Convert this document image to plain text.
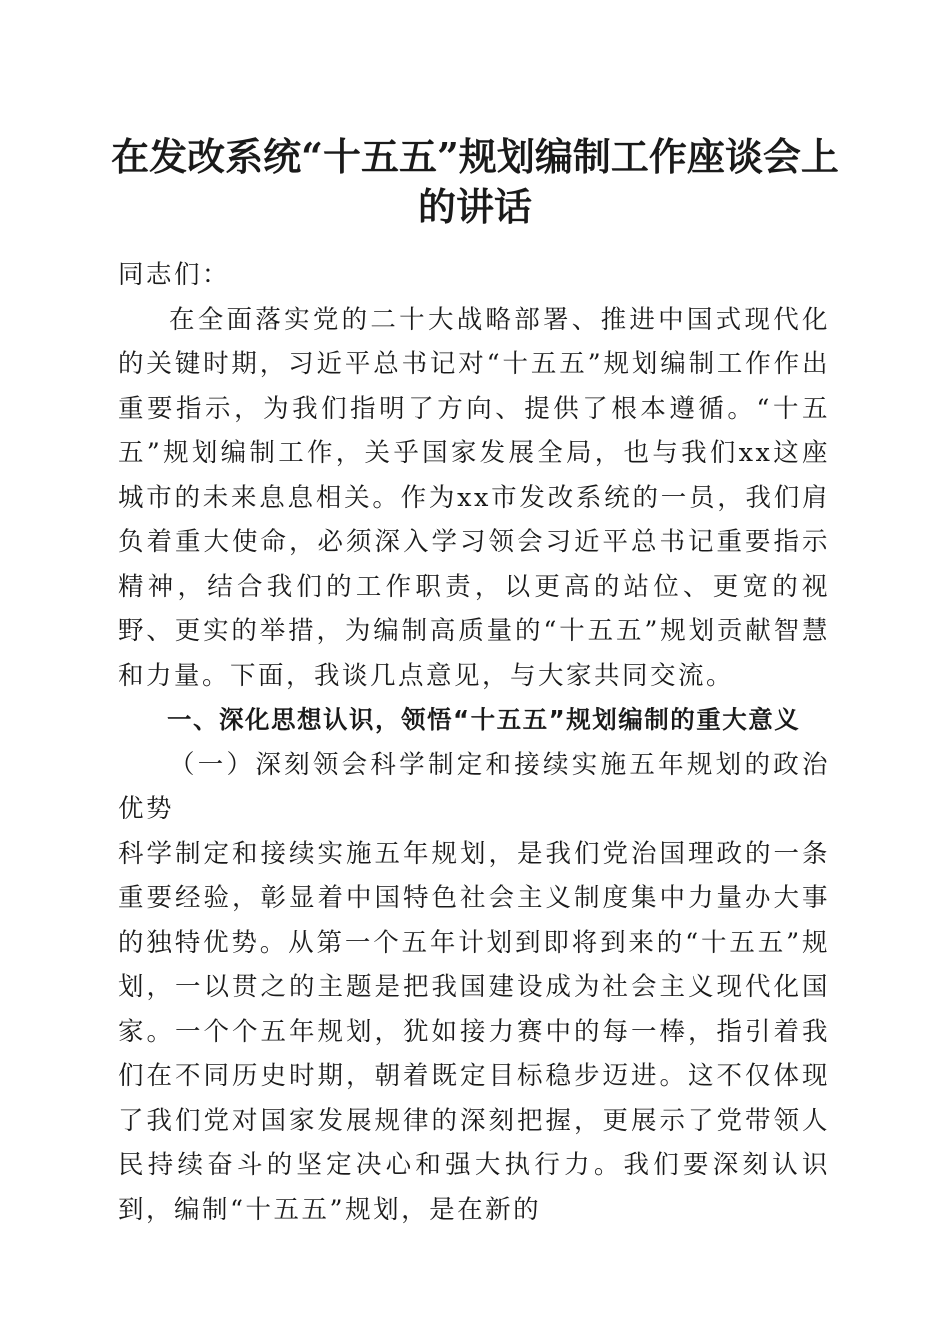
在发改系统“十五五”规划编制工作座谈会上
的讲话

同志们：

在全面落实党的二十大战略部署、推进中国式现代化的关键时期，习近平总书记对“十五五”规划编制工作作出重要指示，为我们指明了方向、提供了根本遵循。“十五五”规划编制工作，关乎国家发展全局，也与我们xx这座城市的未来息息相关。作为xx市发改系统的一员，我们肩负着重大使命，必须深入学习领会习近平总书记重要指示精神，结合我们的工作职责，以更高的站位、更宽的视野、更实的举措，为编制高质量的“十五五”规划贡献智慧和力量。下面，我谈几点意见，与大家共同交流。

一、深化思想认识，领悟“十五五”规划编制的重大意义

（一）深刻领会科学制定和接续实施五年规划的政治优势

科学制定和接续实施五年规划，是我们党治国理政的一条重要经验，彰显着中国特色社会主义制度集中力量办大事的独特优势。从第一个五年计划到即将到来的“十五五”规划，一以贯之的主题是把我国建设成为社会主义现代化国家。一个个五年规划，犹如接力赛中的每一棒，指引着我们在不同历史时期，朝着既定目标稳步迈进。这不仅体现了我们党对国家发展规律的深刻把握，更展示了党带领人民持续奋斗的坚定决心和强大执行力。我们要深刻认识到，编制“十五五”规划，是在新的
